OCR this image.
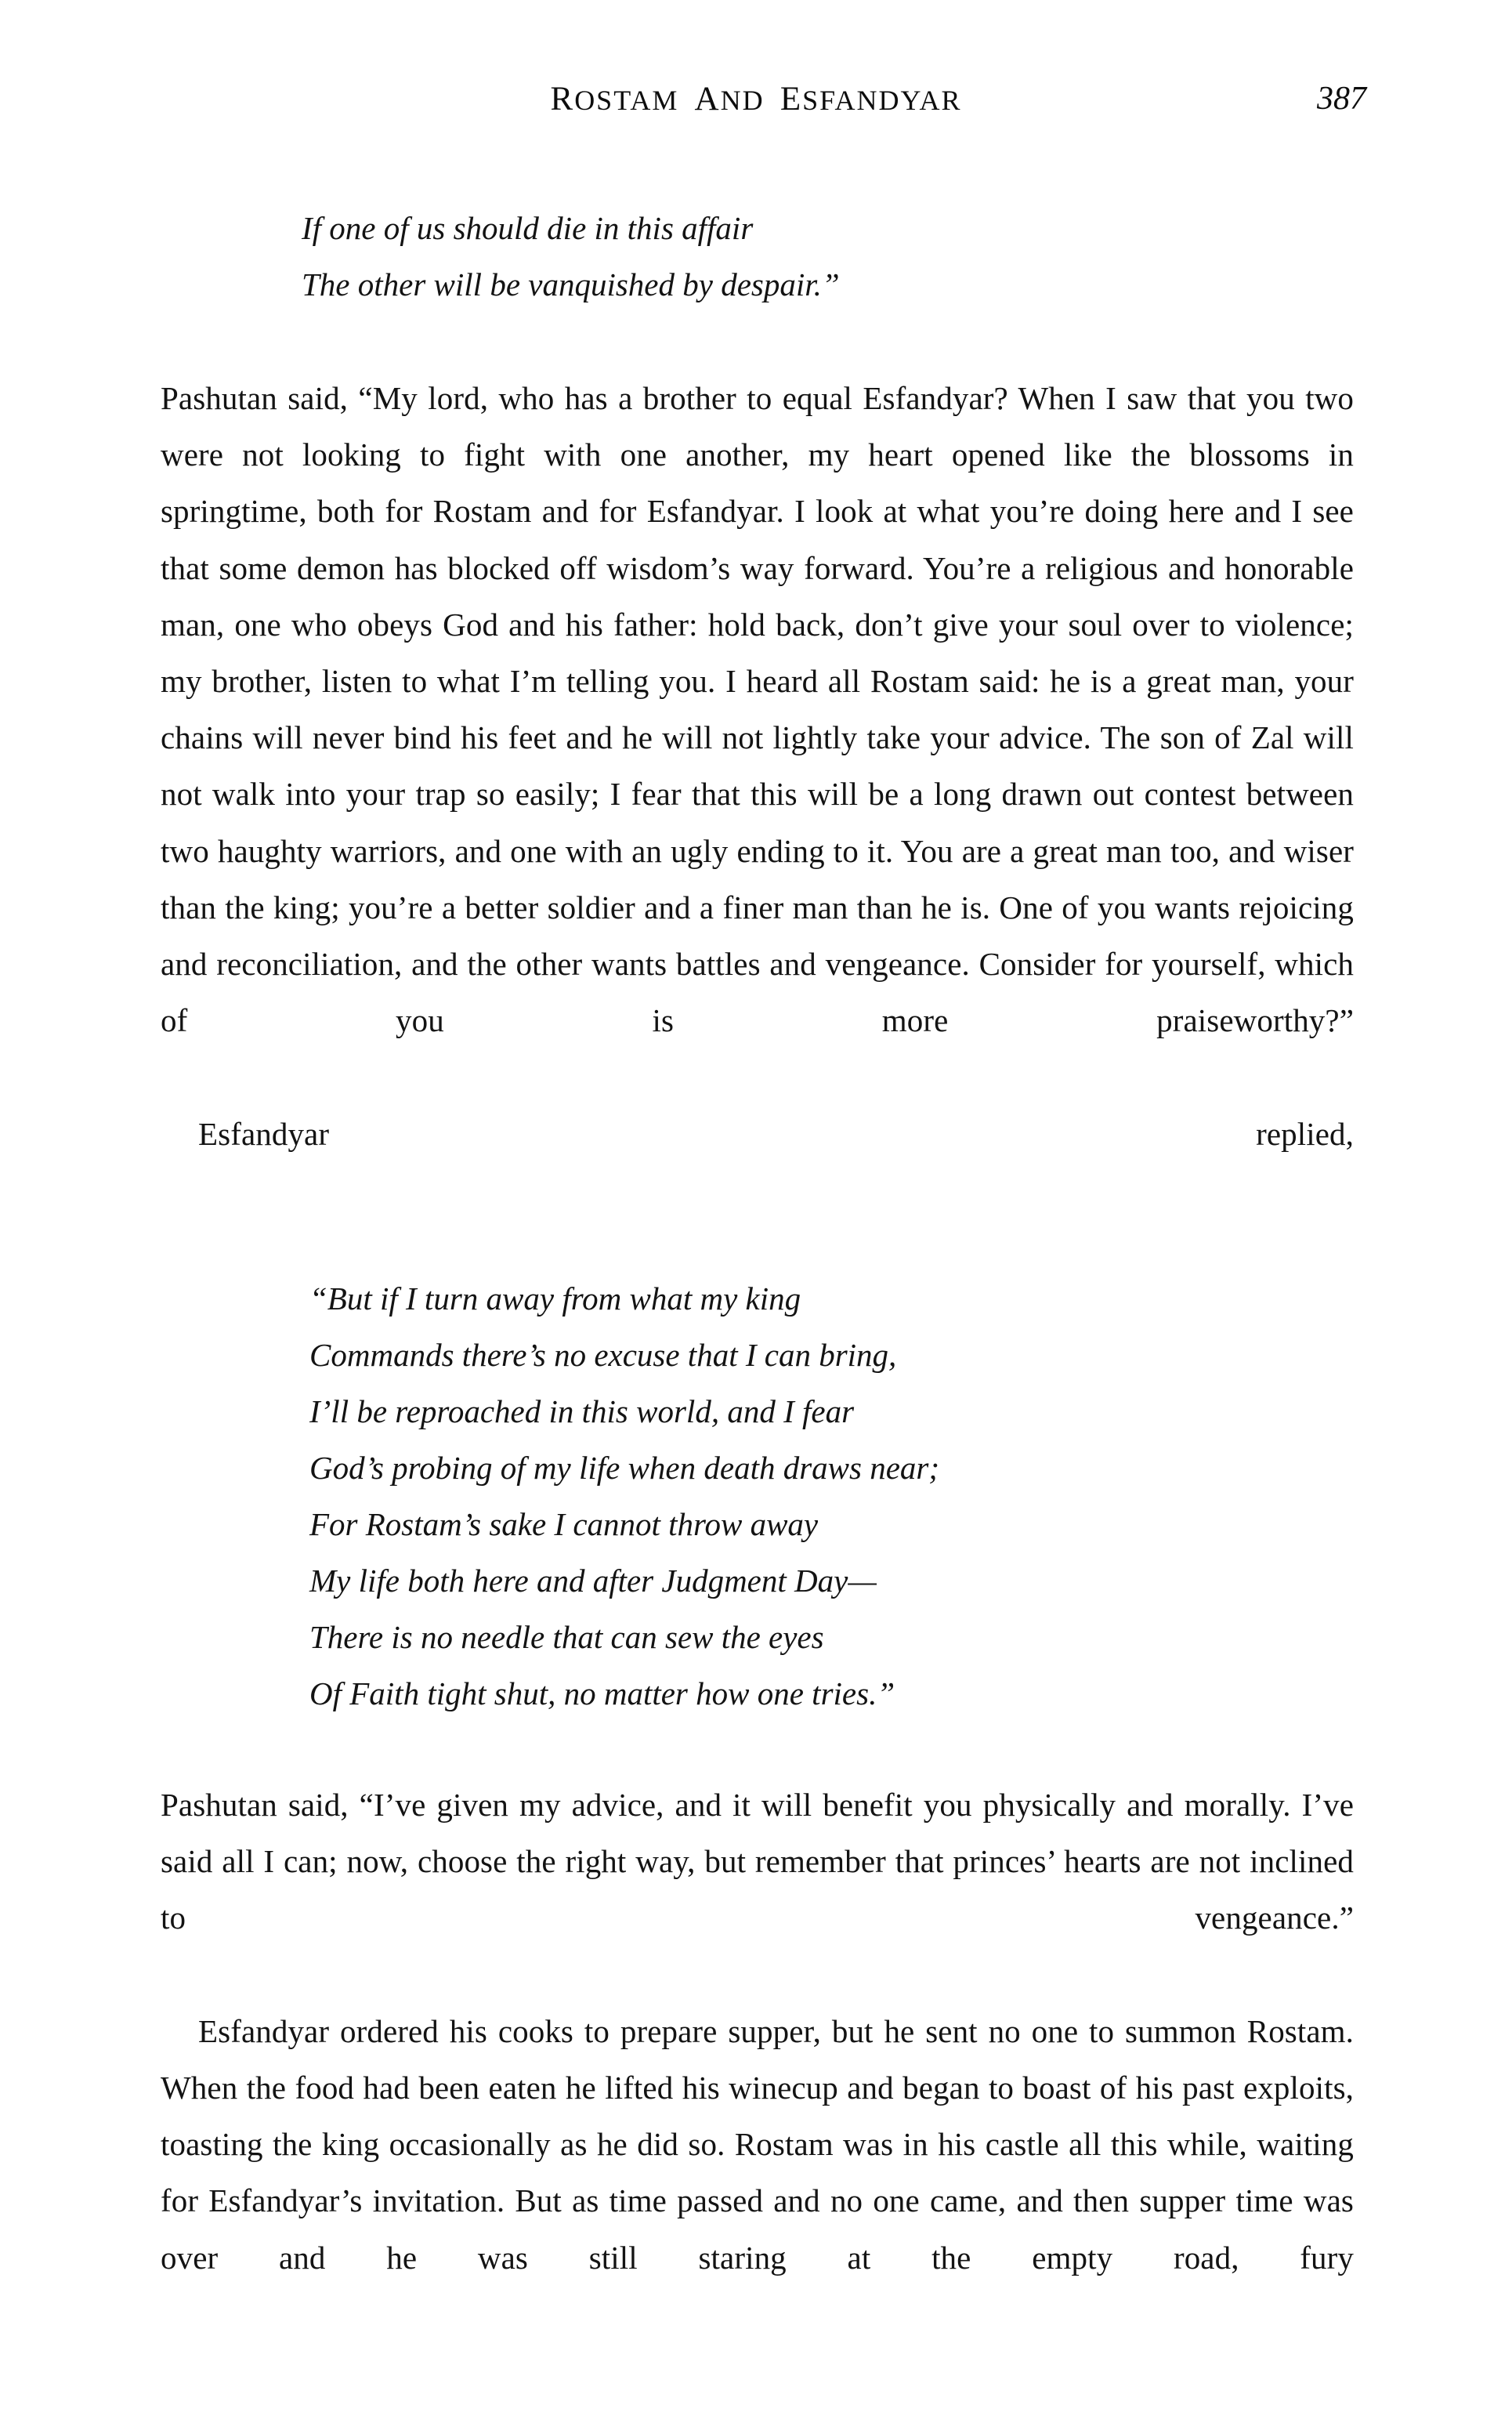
ROSTAM  AND  ESFANDYAR	387
If one of us should die in this affair
The other will be vanquished by despair.”

Pashutan said, “My lord, who has a brother to equal Esfandyar? When I saw that you two were not looking to fight with one another, my heart opened like the blossoms in springtime, both for Rostam and for Esfandyar. I look at what you’re doing here and I see that some demon has blocked off wisdom’s way forward. You’re a religious and honorable man, one who obeys God and his father: hold back, don’t give your soul over to violence; my brother, listen to what I’m telling you. I heard all Rostam said: he is a great man, your chains will never bind his feet and he will not lightly take your advice. The son of Zal will not walk into your trap so easily; I fear that this will be a long drawn out contest between two haughty warriors, and one with an ugly ending to it. You are a great man too, and wiser than the king; you’re a better soldier and a finer man than he is. One of you wants rejoicing and reconciliation, and the other wants battles and vengeance. Consider for yourself, which of you is more praiseworthy?”

Esfandyar replied,

“But if I turn away from what my king
Commands there’s no excuse that I can bring,
I’ll be reproached in this world, and I fear
God’s probing of my life when death draws near;
For Rostam’s sake I cannot throw away
My life both here and after Judgment Day—
There is no needle that can sew the eyes
Of Faith tight shut, no matter how one tries.”

Pashutan said, “I’ve given my advice, and it will benefit you physically and morally. I’ve said all I can; now, choose the right way, but remember that princes’ hearts are not inclined to vengeance.”

Esfandyar ordered his cooks to prepare supper, but he sent no one to summon Rostam. When the food had been eaten he lifted his winecup and began to boast of his past exploits, toasting the king occasionally as he did so. Rostam was in his castle all this while, waiting for Esfandyar’s invitation. But as time passed and no one came, and then supper time was over and he was still staring at the empty road, fury
